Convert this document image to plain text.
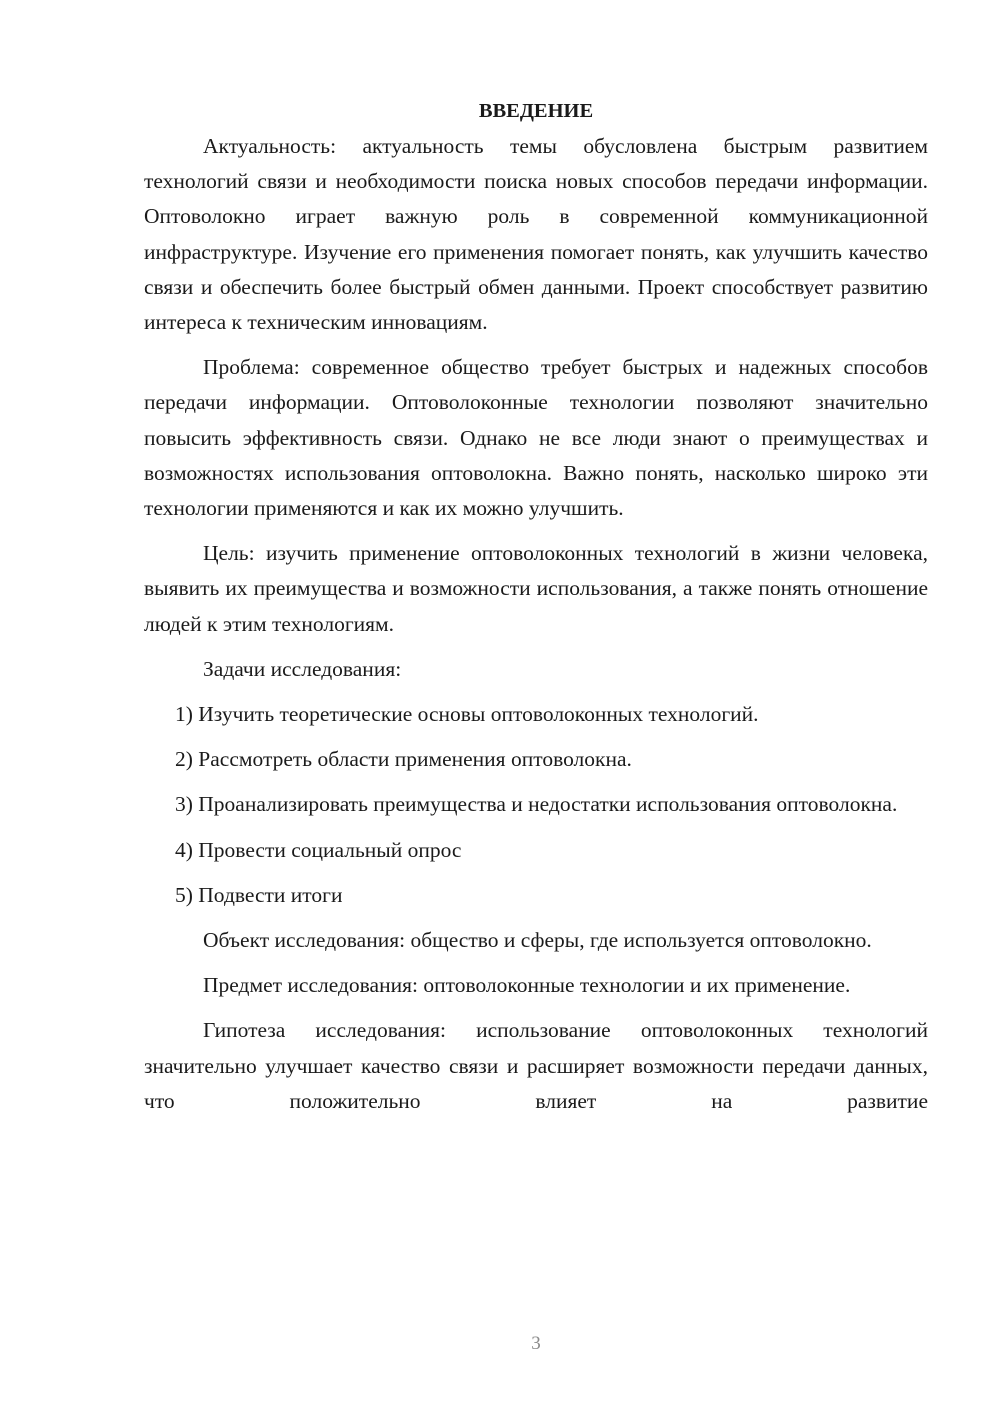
ВВЕДЕНИЕ

Актуальность: актуальность темы обусловлена быстрым развитием технологий связи и необходимости поиска новых способов передачи информации. Оптоволокно играет важную роль в современной коммуникационной инфраструктуре. Изучение его применения помогает понять, как улучшить качество связи и обеспечить более быстрый обмен данными. Проект способствует развитию интереса к техническим инновациям.

Проблема: современное общество требует быстрых и надежных способов передачи информации. Оптоволоконные технологии позволяют значительно повысить эффективность связи. Однако не все люди знают о преимуществах и возможностях использования оптоволокна. Важно понять, насколько широко эти технологии применяются и как их можно улучшить.

Цель: изучить применение оптоволоконных технологий в жизни человека, выявить их преимущества и возможности использования, а также понять отношение людей к этим технологиям.

Задачи исследования:

1) Изучить теоретические основы оптоволоконных технологий.

2) Рассмотреть области применения оптоволокна.

3) Проанализировать преимущества и недостатки использования оптоволокна.

4) Провести социальный опрос

5) Подвести итоги

Объект исследования: общество и сферы, где используется оптоволокно.

Предмет исследования: оптоволоконные технологии и их применение.

Гипотеза исследования: использование оптоволоконных технологий значительно улучшает качество связи и расширяет возможности передачи данных, что положительно влияет на развитие

3
